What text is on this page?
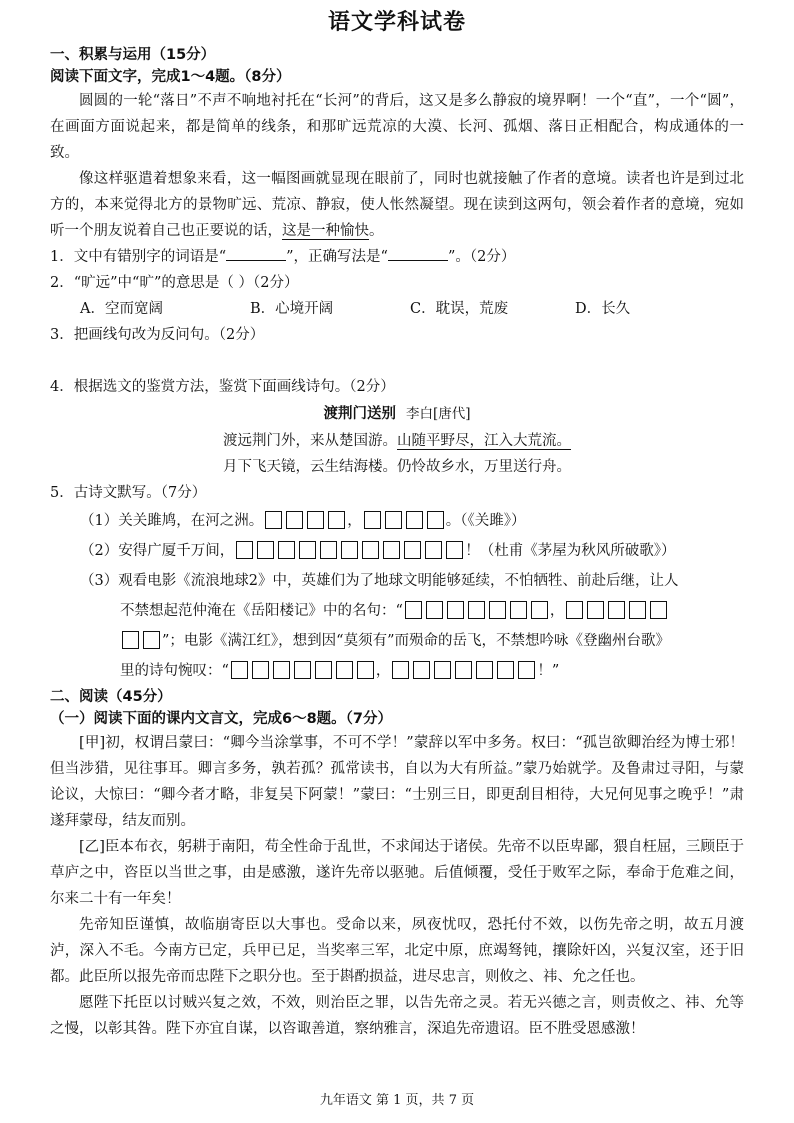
语文学科试卷
一、积累与运用（15分）
阅读下面文字，完成1～4题。（8分）
圆圆的一轮“落日”不声不响地衬托在“长河”的背后，这又是多么静寂的境界啊！一个“直”，一个“圆”，在画面方面说起来，都是简单的线条，和那旷远荒凉的大漠、长河、孤烟、落日正相配合，构成通体的一致。
像这样驱遣着想象来看，这一幅图画就显现在眼前了，同时也就接触了作者的意境。读者也许是到过北方的，本来觉得北方的景物旷远、荒凉、静寂，使人怅然凝望。现在读到这两句，领会着作者的意境，宛如听一个朋友说着自己也正要说的话，这是一种愉快。
1．文中有错别字的词语是“	”，正确写法是“	”。（2分）
2．“旷远”中“旷”的意思是（ ）（2分）
A．空而宽阔	B．心境开阔	C．耽误，荒废	D．长久
3．把画线句改为反问句。（2分）
4．根据选文的鉴赏方法，鉴赏下面画线诗句。（2分）
渡荆门送别 李白[唐代]
渡远荆门外，来从楚国游。山随平野尽，江入大荒流。
月下飞天镜，云生结海楼。仍怜故乡水，万里送行舟。
5．古诗文默写。（7分）
（1）关关雎鸠，在河之洲。	，	。（《关雎》）
（2）安得广厦千万间，	！（杜甫《茅屋为秋风所破歌》）
（3）观看电影《流浪地球2》中，英雄们为了地球文明能够延续，不怕牺牲、前赴后继，让人
不禁想起范仲淹在《岳阳楼记》中的名句：“	，
”；电影《满江红》，想到因“莫须有”而殒命的岳飞，不禁想吟咏《登幽州台歌》
里的诗句惋叹：“	，	！”
二、阅读（45分）
（一）阅读下面的课内文言文，完成6～8题。（7分）
[甲]初，权谓吕蒙曰：“卿今当涂掌事，不可不学！”蒙辞以军中多务。权曰：“孤岂欲卿治经为博士邪！但当涉猎，见往事耳。卿言多务，孰若孤？孤常读书，自以为大有所益。”蒙乃始就学。及鲁肃过寻阳，与蒙论议，大惊曰：“卿今者才略，非复吴下阿蒙！”蒙曰：“士别三日，即更刮目相待，大兄何见事之晚乎！”肃遂拜蒙母，结友而别。
[乙]臣本布衣，躬耕于南阳，苟全性命于乱世，不求闻达于诸侯。先帝不以臣卑鄙，猥自枉屈，三顾臣于草庐之中，咨臣以当世之事，由是感激，遂许先帝以驱驰。后值倾覆，受任于败军之际，奉命于危难之间，尔来二十有一年矣！
先帝知臣谨慎，故临崩寄臣以大事也。受命以来，夙夜忧叹，恐托付不效，以伤先帝之明，故五月渡泸，深入不毛。今南方已定，兵甲已足，当奖率三军，北定中原，庶竭驽钝，攘除奸凶，兴复汉室，还于旧都。此臣所以报先帝而忠陛下之职分也。至于斟酌损益，进尽忠言，则攸之、祎、允之任也。
愿陛下托臣以讨贼兴复之效，不效，则治臣之罪，以告先帝之灵。若无兴德之言，则责攸之、祎、允等之慢，以彰其咎。陛下亦宜自谋，以咨诹善道，察纳雅言，深追先帝遗诏。臣不胜受恩感激！
九年语文 第 1 页，共 7 页
